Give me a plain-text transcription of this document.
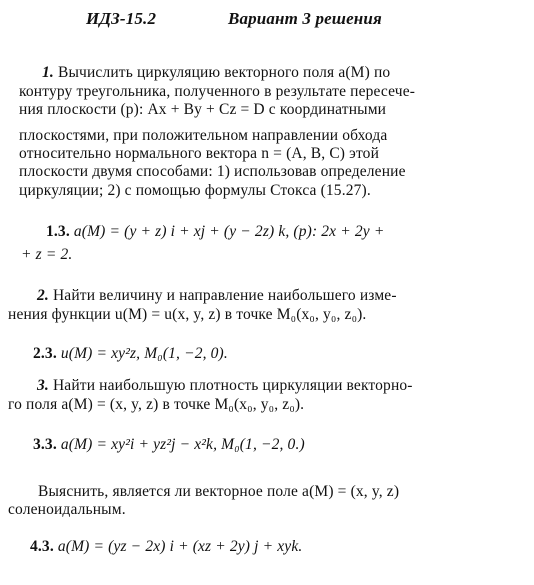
ИДЗ-15.2	Вариант 3 решения
1. Вычислить циркуляцию векторного поля a(M) по
контуру треугольника, полученного в результате пересече-
ния плоскости (p): Ax + By + Cz = D с координатными
плоскостями, при положительном направлении обхода
относительно нормального вектора n = (A, B, C) этой
плоскости двумя способами: 1) использовав определение
циркуляции; 2) с помощью формулы Стокса (15.27).
1.3. a(M) = (y + z) i + xj + (y − 2z) k, (p): 2x + 2y +
+ z = 2.
2. Найти величину и направление наибольшего изме-
нения функции u(M) = u(x, y, z) в точке M₀(x₀, y₀, z₀).
2.3. u(M) = xy²z, M₀(1, −2, 0).
3. Найти наибольшую плотность циркуляции векторно-
го поля a(M) = (x, y, z) в точке M₀(x₀, y₀, z₀).
3.3. a(M) = xy²i + yz²j − x²k, M₀(1, −2, 0.)
Выяснить, является ли векторное поле a(M) = (x, y, z)
соленоидальным.
4.3. a(M) = (yz − 2x) i + (xz + 2y) j + xyk.
